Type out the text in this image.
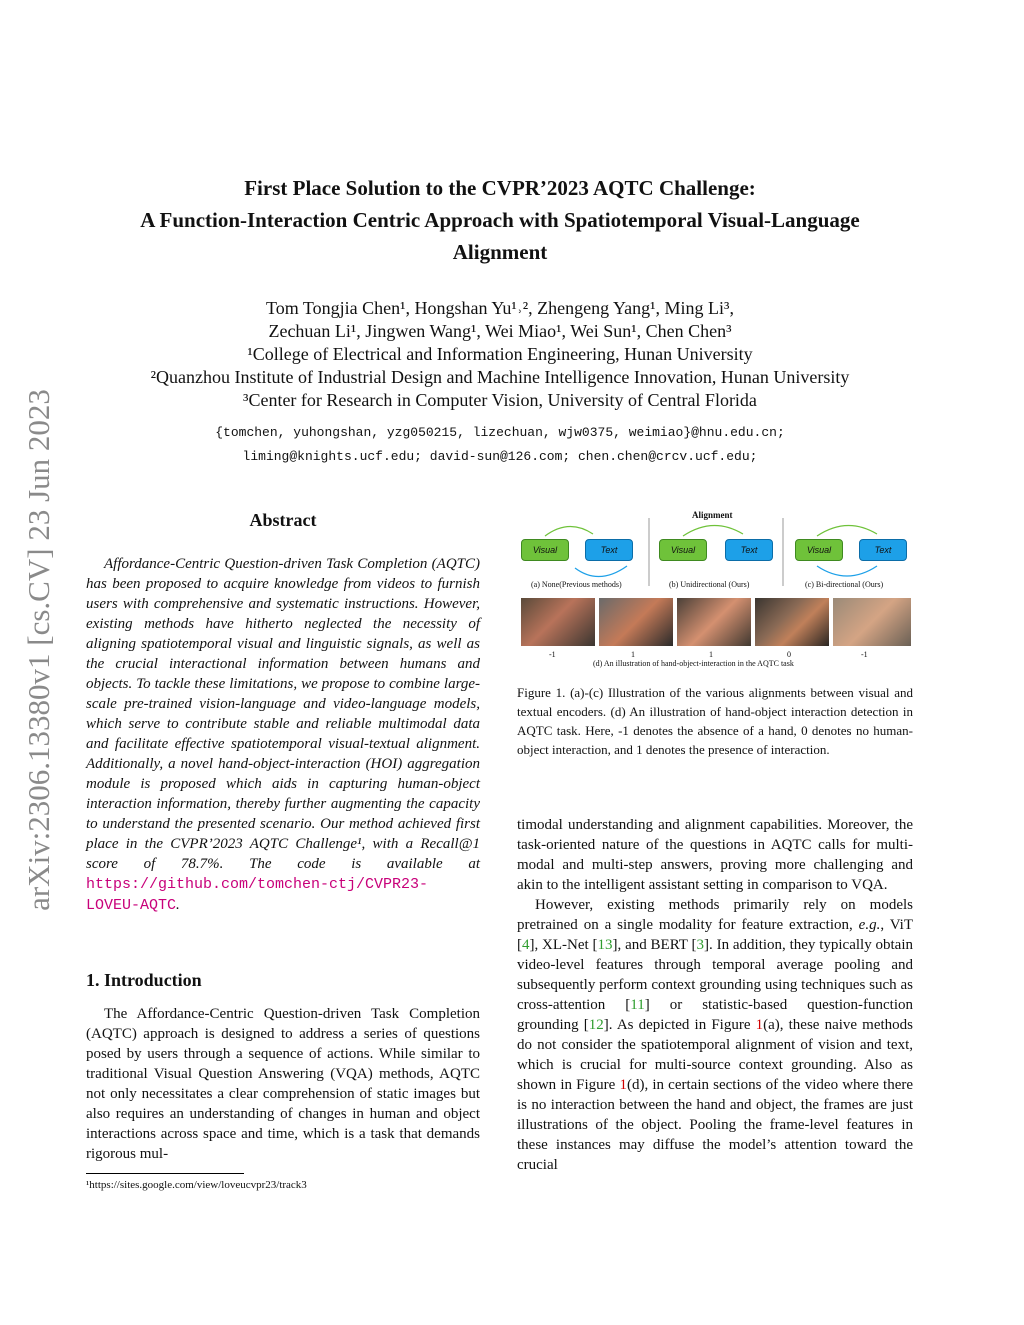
arXiv:2306.13380v1 [cs.CV] 23 Jun 2023
First Place Solution to the CVPR’2023 AQTC Challenge:
A Function-Interaction Centric Approach with Spatiotemporal Visual-Language
Alignment
Tom Tongjia Chen¹, Hongshan Yu¹˒², Zhengeng Yang¹, Ming Li³,
Zechuan Li¹, Jingwen Wang¹, Wei Miao¹, Wei Sun¹, Chen Chen³
¹College of Electrical and Information Engineering, Hunan University
²Quanzhou Institute of Industrial Design and Machine Intelligence Innovation, Hunan University
³Center for Research in Computer Vision, University of Central Florida
{tomchen, yuhongshan, yzg050215, lizechuan, wjw0375, weimiao}@hnu.edu.cn;
liming@knights.ucf.edu; david-sun@126.com; chen.chen@crcv.ucf.edu;
Abstract
Affordance-Centric Question-driven Task Completion (AQTC) has been proposed to acquire knowledge from videos to furnish users with comprehensive and systematic instructions. However, existing methods have hitherto neglected the necessity of aligning spatiotemporal visual and linguistic signals, as well as the crucial interactional information between humans and objects. To tackle these limitations, we propose to combine large-scale pre-trained vision-language and video-language models, which serve to contribute stable and reliable multimodal data and facilitate effective spatiotemporal visual-textual alignment. Additionally, a novel hand-object-interaction (HOI) aggregation module is proposed which aids in capturing human-object interaction information, thereby further augmenting the capacity to understand the presented scenario. Our method achieved first place in the CVPR’2023 AQTC Challenge¹, with a Recall@1 score of 78.7%. The code is available at https://github.com/tomchen-ctj/CVPR23-LOVEU-AQTC.
1. Introduction
The Affordance-Centric Question-driven Task Completion (AQTC) approach is designed to address a series of questions posed by users through a sequence of actions. While similar to traditional Visual Question Answering (VQA) methods, AQTC not only necessitates a clear comprehension of static images but also requires an understanding of changes in human and object interactions across space and time, which is a task that demands rigorous mul-
¹https://sites.google.com/view/loveucvpr23/track3
Alignment
Visual	Text	Visual	Text	Visual	Text
(a) None(Previous methods)	(b) Unidirectional (Ours)	(c) Bi-directional (Ours)
-1	1	1	0	-1
(d) An illustration of hand-object-interaction in the AQTC task
Figure 1. (a)-(c) Illustration of the various alignments between visual and textual encoders. (d) An illustration of hand-object interaction detection in AQTC task. Here, -1 denotes the absence of a hand, 0 denotes no human-object interaction, and 1 denotes the presence of interaction.

timodal understanding and alignment capabilities. Moreover, the task-oriented nature of the questions in AQTC calls for multi-modal and multi-step answers, proving more challenging and akin to the intelligent assistant setting in comparison to VQA.

However, existing methods primarily rely on models pretrained on a single modality for feature extraction, e.g., ViT [4], XL-Net [13], and BERT [3]. In addition, they typically obtain video-level features through temporal average pooling and subsequently perform context grounding using techniques such as cross-attention [11] or statistic-based question-function grounding [12]. As depicted in Figure 1(a), these naive methods do not consider the spatiotemporal alignment of vision and text, which is crucial for multi-source context grounding. Also as shown in Figure 1(d), in certain sections of the video where there is no interaction between the hand and object, the frames are just illustrations of the object. Pooling the frame-level features in these instances may diffuse the model’s attention toward the crucial
